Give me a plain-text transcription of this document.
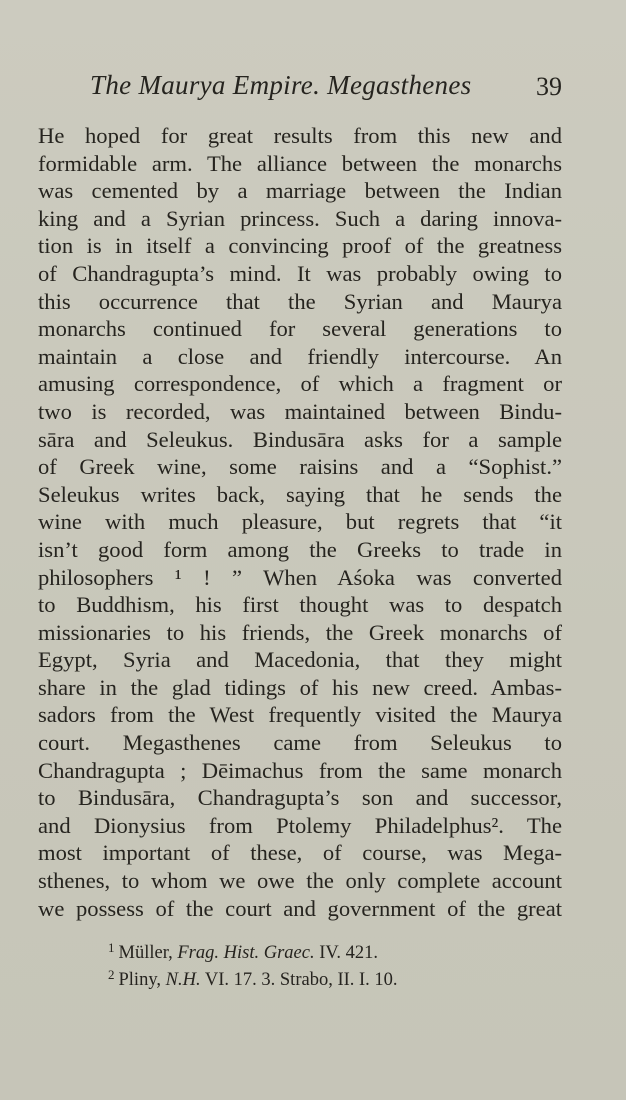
The Maurya Empire. Megasthenes 39
He hoped for great results from this new and
formidable arm. The alliance between the monarchs
was cemented by a marriage between the Indian
king and a Syrian princess. Such a daring innova-
tion is in itself a convincing proof of the greatness
of Chandragupta’s mind. It was probably owing to
this occurrence that the Syrian and Maurya
monarchs continued for several generations to
maintain a close and friendly intercourse. An
amusing correspondence, of which a fragment or
two is recorded, was maintained between Bindu-
sāra and Seleukus. Bindusāra asks for a sample
of Greek wine, some raisins and a “Sophist.”
Seleukus writes back, saying that he sends the
wine with much pleasure, but regrets that “it
isn’t good form among the Greeks to trade in
philosophers ¹ ! ” When Aśoka was converted
to Buddhism, his first thought was to despatch
missionaries to his friends, the Greek monarchs of
Egypt, Syria and Macedonia, that they might
share in the glad tidings of his new creed. Ambas-
sadors from the West frequently visited the Maurya
court. Megasthenes came from Seleukus to
Chandragupta ; Dēimachus from the same monarch
to Bindusāra, Chandragupta’s son and successor,
and Dionysius from Ptolemy Philadelphus². The
most important of these, of course, was Mega-
sthenes, to whom we owe the only complete account
we possess of the court and government of the great
$^1$ Müller, Frag. Hist. Graec. IV. 421.
$^2$ Pliny, N.H. VI. 17. 3. Strabo, II. I. 10.
